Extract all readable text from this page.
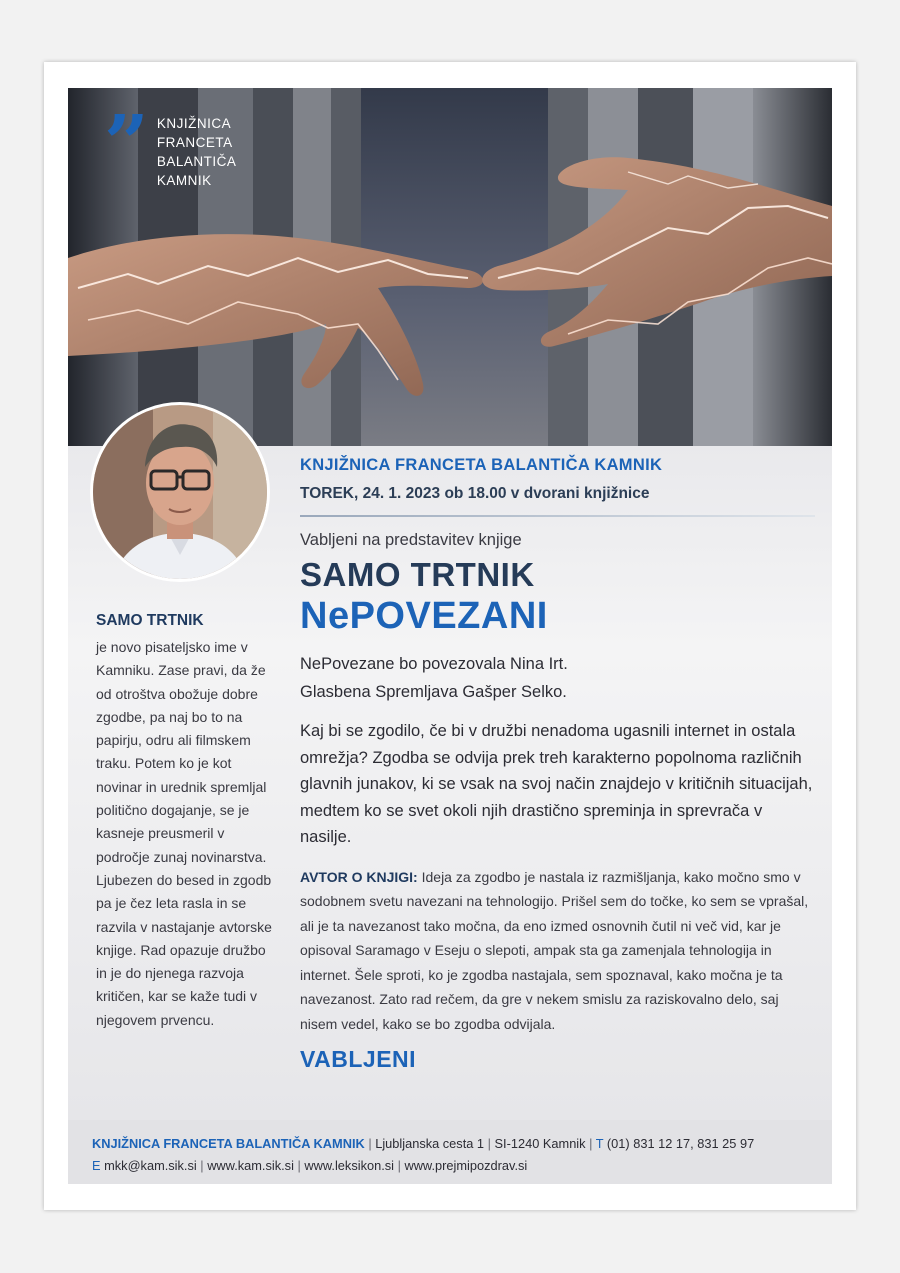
” KNJIŽNICA
FRANCETA
BALANTIČA
KAMNIK
SAMO TRTNIK
je novo pisateljsko ime v Kamniku. Zase pravi, da že od otroštva obožuje dobre zgodbe, pa naj bo to na papirju, odru ali filmskem traku. Potem ko je kot novinar in urednik spremljal politično dogajanje, se je kasneje preusmeril v področje zunaj novinarstva. Ljubezen do besed in zgodb pa je čez leta rasla in se razvila v nastajanje avtorske knjige. Rad opazuje družbo in je do njenega razvoja kritičen, kar se kaže tudi v njegovem prvencu.
KNJIŽNICA FRANCETA BALANTIČA KAMNIK
TOREK, 24. 1. 2023 ob 18.00 v dvorani knjižnice
Vabljeni na predstavitev knjige
SAMO TRTNIK
NePOVEZANI
NePovezane bo povezovala Nina Irt.
Glasbena Spremljava Gašper Selko.
Kaj bi se zgodilo, če bi v družbi nenadoma ugasnili internet in ostala omrežja? Zgodba se odvija prek treh karakterno popolnoma različnih glavnih junakov, ki se vsak na svoj način znajdejo v kritičnih situacijah, medtem ko se svet okoli njih drastično spreminja in sprevrača v nasilje.
AVTOR O KNJIGI: Ideja za zgodbo je nastala iz razmišljanja, kako močno smo v sodobnem svetu navezani na tehnologijo. Prišel sem do točke, ko sem se vprašal, ali je ta navezanost tako močna, da eno izmed osnovnih čutil ni več vid, kar je opisoval Saramago v Eseju o slepoti, ampak sta ga zamenjala tehnologija in internet. Šele sproti, ko je zgodba nastajala, sem spoznaval, kako močna je ta navezanost. Zato rad rečem, da gre v nekem smislu za raziskovalno delo, saj nisem vedel, kako se bo zgodba odvijala.
VABLJENI
KNJIŽNICA FRANCETA BALANTIČA KAMNIK | Ljubljanska cesta 1 | SI-1240 Kamnik | T (01) 831 12 17, 831 25 97
E mkk@kam.sik.si | www.kam.sik.si | www.leksikon.si | www.prejmipozdrav.si
